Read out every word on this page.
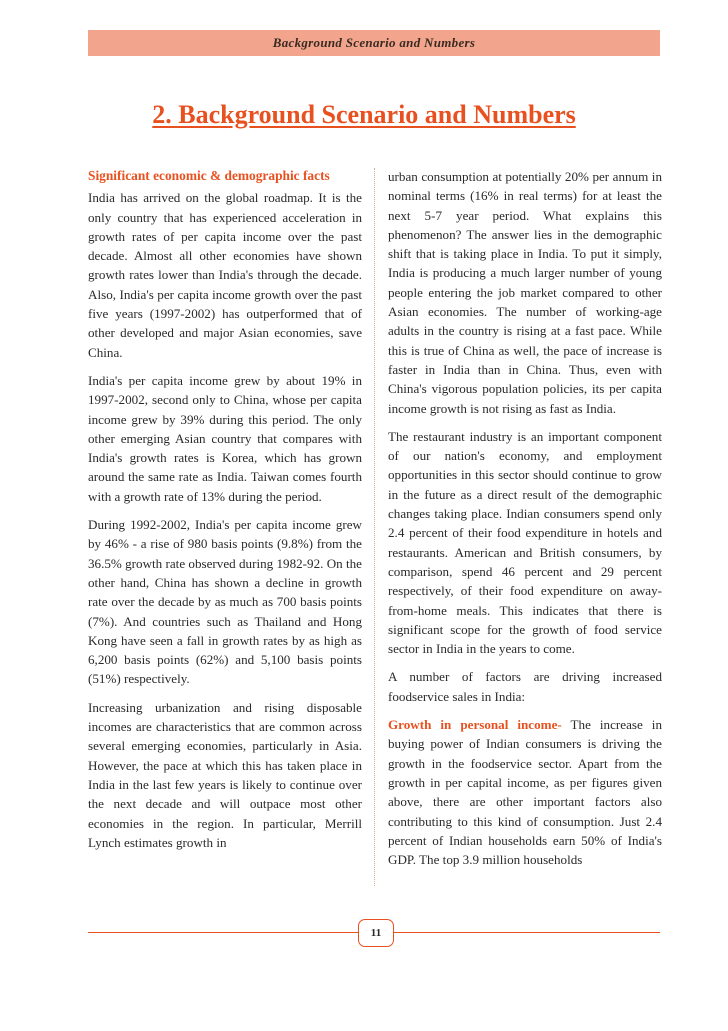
Background Scenario and Numbers
2. Background Scenario and Numbers
Significant economic & demographic facts

India has arrived on the global roadmap. It is the only country that has experienced acceleration in growth rates of per capita income over the past decade. Almost all other economies have shown growth rates lower than India's through the decade. Also, India's per capita income growth over the past five years (1997-2002) has outperformed that of other developed and major Asian economies, save China.

India's per capita income grew by about 19% in 1997-2002, second only to China, whose per capita income grew by 39% during this period. The only other emerging Asian country that compares with India's growth rates is Korea, which has grown around the same rate as India. Taiwan comes fourth with a growth rate of 13% during the period.

During 1992-2002, India's per capita income grew by 46% - a rise of 980 basis points (9.8%) from the 36.5% growth rate observed during 1982-92. On the other hand, China has shown a decline in growth rate over the decade by as much as 700 basis points (7%). And countries such as Thailand and Hong Kong have seen a fall in growth rates by as high as 6,200 basis points (62%) and 5,100 basis points (51%) respectively.

Increasing urbanization and rising disposable incomes are characteristics that are common across several emerging economies, particularly in Asia. However, the pace at which this has taken place in India in the last few years is likely to continue over the next decade and will outpace most other economies in the region. In particular, Merrill Lynch estimates growth in

urban consumption at potentially 20% per annum in nominal terms (16% in real terms) for at least the next 5-7 year period. What explains this phenomenon? The answer lies in the demographic shift that is taking place in India. To put it simply, India is producing a much larger number of young people entering the job market compared to other Asian economies. The number of working-age adults in the country is rising at a fast pace. While this is true of China as well, the pace of increase is faster in India than in China. Thus, even with China's vigorous population policies, its per capita income growth is not rising as fast as India.

The restaurant industry is an important component of our nation's economy, and employment opportunities in this sector should continue to grow in the future as a direct result of the demographic changes taking place. Indian consumers spend only 2.4 percent of their food expenditure in hotels and restaurants. American and British consumers, by comparison, spend 46 percent and 29 percent respectively, of their food expenditure on away-from-home meals. This indicates that there is significant scope for the growth of food service sector in India in the years to come.

A number of factors are driving increased foodservice sales in India:

Growth in personal income- The increase in buying power of Indian consumers is driving the growth in the foodservice sector. Apart from the growth in per capital income, as per figures given above, there are other important factors also contributing to this kind of consumption. Just 2.4 percent of Indian households earn 50% of India's GDP. The top 3.9 million households

11
